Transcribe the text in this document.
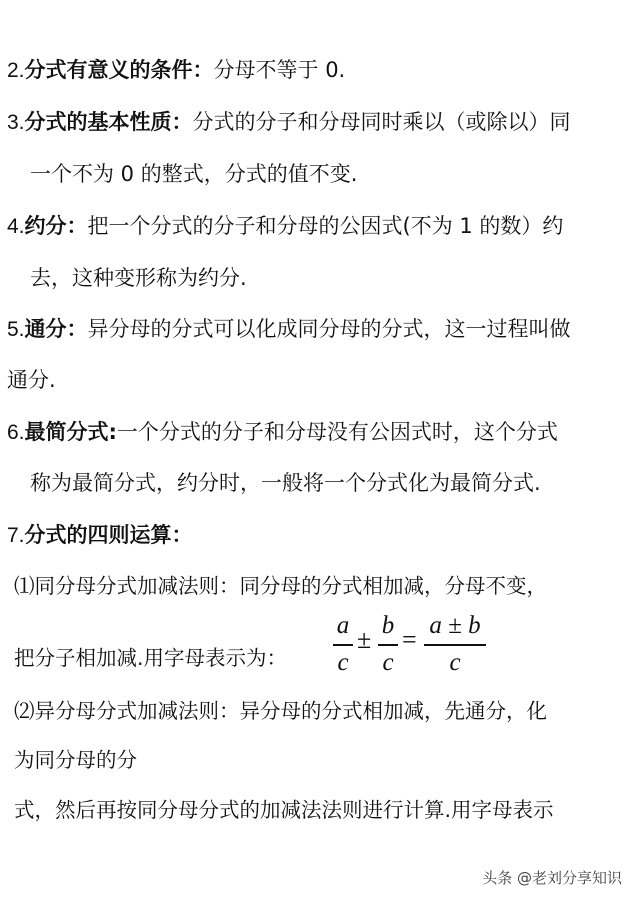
2.分式有意义的条件：分母不等于 0.
3.分式的基本性质：分式的分子和分母同时乘以（或除以）同
一个不为 0 的整式，分式的值不变.
4.约分：把一个分式的分子和分母的公因式(不为 1 的数）约
去，这种变形称为约分.
5.通分：异分母的分式可以化成同分母的分式，这一过程叫做
通分.
6.最简分式:一个分式的分子和分母没有公因式时，这个分式
称为最简分式，约分时，一般将一个分式化为最简分式.
7.分式的四则运算：
⑴同分母分式加减法则：同分母的分式相加减，分母不变，
把分子相加减.用字母表示为：
a
c
± b
c
= a ± b
c
⑵异分母分式加减法则：异分母的分式相加减，先通分，化
为同分母的分
式，然后再按同分母分式的加减法法则进行计算.用字母表示
头条 @老刘分享知识
